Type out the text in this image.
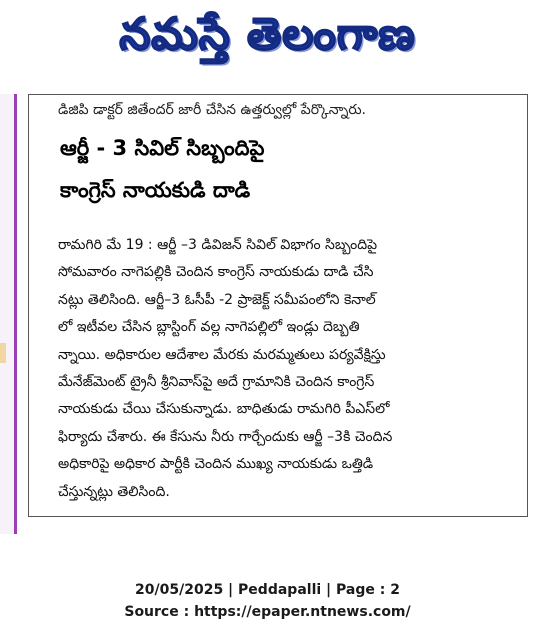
నమస్తే తెలంగాణ
డిజిపి డాక్టర్ జితేందర్ జారీ చేసిన ఉత్తర్వుల్లో పేర్కొన్నారు.
ఆర్జీ - 3 సివిల్ సిబ్బందిపై
కాంగ్రెస్ నాయకుడి దాడి
రామగిరి మే 19 : ఆర్జీ –3 డివిజన్ సివిల్ విభాగం సిబ్బందిపై
సోమవారం నాగెపల్లికి చెందిన కాంగ్రెస్ నాయకుడు దాడి చేసి
నట్లు తెలిసింది. ఆర్జీ–3 ఓసీపీ -2 ప్రాజెక్ట్ సమీపంలోని కెనాల్
లో ఇటీవల చేసిన బ్లాస్టింగ్ వల్ల నాగెపల్లిలో ఇండ్లు దెబ్బతి
న్నాయి. అధికారుల ఆదేశాల మేరకు మరమ్మతులు పర్యవేక్షిస్తు
మేనేజ్‌మెంట్ ట్రైనీ శ్రీనివాస్‌పై అదే గ్రామానికి చెందిన కాంగ్రెస్
నాయకుడు చేయి చేసుకున్నాడు. బాధితుడు రామగిరి పీఎస్‌లో
ఫిర్యాదు చేశారు. ఈ కేసును నీరు గార్చేందుకు ఆర్జీ –3కి చెందిన
అధికారిపై అధికార పార్టీకి చెందిన ముఖ్య నాయకుడు ఒత్తిడి
చేస్తున్నట్లు తెలిసింది.
20/05/2025 | Peddapalli | Page : 2
Source : https://epaper.ntnews.com/
